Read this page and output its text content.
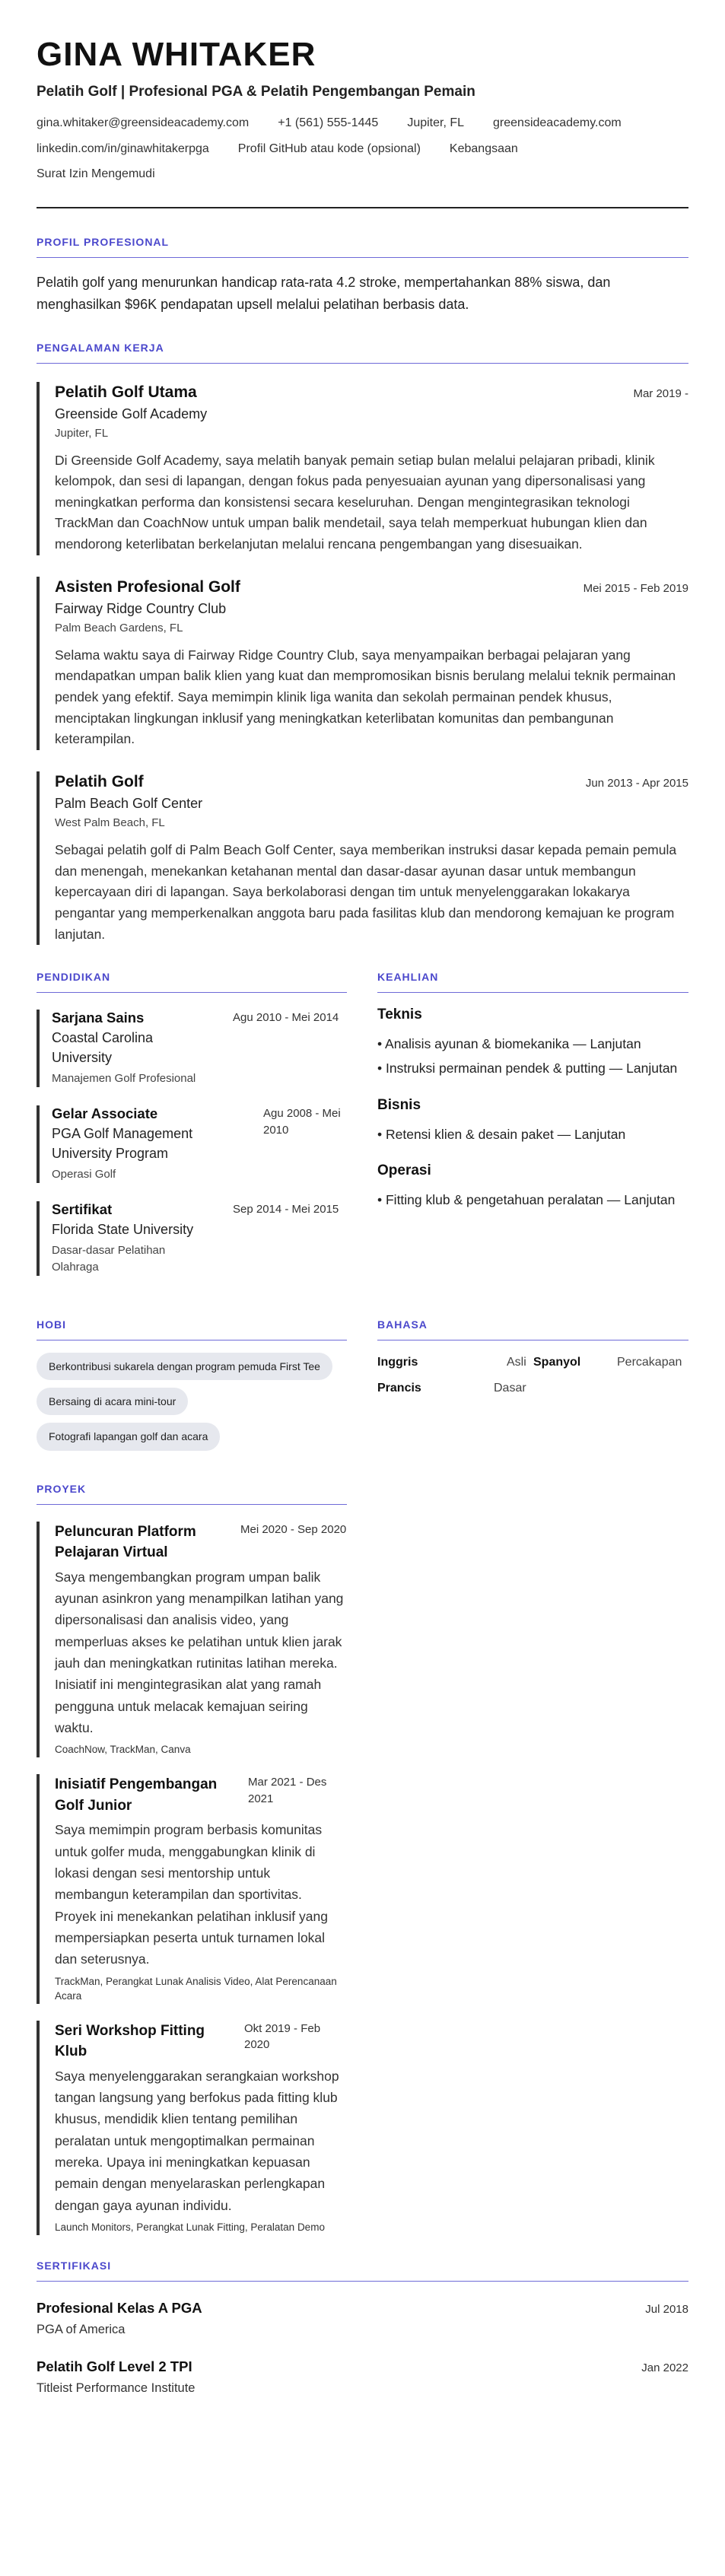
GINA WHITAKER
Pelatih Golf | Profesional PGA & Pelatih Pengembangan Pemain
gina.whitaker@greensideacademy.com +1 (561) 555-1445 Jupiter, FL greensideacademy.com
linkedin.com/in/ginawhitakerpga Profil GitHub atau kode (opsional) Kebangsaan
Surat Izin Mengemudi
PROFIL PROFESIONAL
Pelatih golf yang menurunkan handicap rata-rata 4.2 stroke, mempertahankan 88% siswa, dan menghasilkan $96K pendapatan upsell melalui pelatihan berbasis data.
PENGALAMAN KERJA
Pelatih Golf Utama	Mar 2019 -
Greenside Golf Academy
Jupiter, FL
Di Greenside Golf Academy, saya melatih banyak pemain setiap bulan melalui pelajaran pribadi, klinik kelompok, dan sesi di lapangan, dengan fokus pada penyesuaian ayunan yang dipersonalisasi yang meningkatkan performa dan konsistensi secara keseluruhan. Dengan mengintegrasikan teknologi TrackMan dan CoachNow untuk umpan balik mendetail, saya telah memperkuat hubungan klien dan mendorong keterlibatan berkelanjutan melalui rencana pengembangan yang disesuaikan.
Asisten Profesional Golf	Mei 2015 - Feb 2019
Fairway Ridge Country Club
Palm Beach Gardens, FL
Selama waktu saya di Fairway Ridge Country Club, saya menyampaikan berbagai pelajaran yang mendapatkan umpan balik klien yang kuat dan mempromosikan bisnis berulang melalui teknik permainan pendek yang efektif. Saya memimpin klinik liga wanita dan sekolah permainan pendek khusus, menciptakan lingkungan inklusif yang meningkatkan keterlibatan komunitas dan pembangunan keterampilan.
Pelatih Golf	Jun 2013 - Apr 2015
Palm Beach Golf Center
West Palm Beach, FL
Sebagai pelatih golf di Palm Beach Golf Center, saya memberikan instruksi dasar kepada pemain pemula dan menengah, menekankan ketahanan mental dan dasar-dasar ayunan dasar untuk membangun kepercayaan diri di lapangan. Saya berkolaborasi dengan tim untuk menyelenggarakan lokakarya pengantar yang memperkenalkan anggota baru pada fasilitas klub dan mendorong kemajuan ke program lanjutan.
PENDIDIKAN
Sarjana Sains
Coastal Carolina University
Agu 2010 - Mei 2014
Manajemen Golf Profesional
Gelar Associate
PGA Golf Management University Program
Agu 2008 - Mei 2010
Operasi Golf
Sertifikat
Florida State University
Sep 2014 - Mei 2015
Dasar-dasar Pelatihan Olahraga
KEAHLIAN
Teknis
• Analisis ayunan & biomekanika — Lanjutan
• Instruksi permainan pendek & putting — Lanjutan
Bisnis
• Retensi klien & desain paket — Lanjutan
Operasi
• Fitting klub & pengetahuan peralatan — Lanjutan
HOBI
Berkontribusi sukarela dengan program pemuda First Tee
Bersaing di acara mini-tour
Fotografi lapangan golf dan acara
BAHASA
Inggris	Asli Spanyol	Percakapan
Prancis	Dasar
PROYEK
Peluncuran Platform Pelajaran Virtual
Mei 2020 - Sep 2020
Saya mengembangkan program umpan balik ayunan asinkron yang menampilkan latihan yang dipersonalisasi dan analisis video, yang memperluas akses ke pelatihan untuk klien jarak jauh dan meningkatkan rutinitas latihan mereka. Inisiatif ini mengintegrasikan alat yang ramah pengguna untuk melacak kemajuan seiring waktu.
CoachNow, TrackMan, Canva
Inisiatif Pengembangan Golf Junior
Mar 2021 - Des 2021
Saya memimpin program berbasis komunitas untuk golfer muda, menggabungkan klinik di lokasi dengan sesi mentorship untuk membangun keterampilan dan sportivitas. Proyek ini menekankan pelatihan inklusif yang mempersiapkan peserta untuk turnamen lokal dan seterusnya.
TrackMan, Perangkat Lunak Analisis Video, Alat Perencanaan Acara
Seri Workshop Fitting Klub
Okt 2019 - Feb 2020
Saya menyelenggarakan serangkaian workshop tangan langsung yang berfokus pada fitting klub khusus, mendidik klien tentang pemilihan peralatan untuk mengoptimalkan permainan mereka. Upaya ini meningkatkan kepuasan pemain dengan menyelaraskan perlengkapan dengan gaya ayunan individu.
Launch Monitors, Perangkat Lunak Fitting, Peralatan Demo
SERTIFIKASI
Profesional Kelas A PGA	Jul 2018
PGA of America
Pelatih Golf Level 2 TPI	Jan 2022
Titleist Performance Institute
